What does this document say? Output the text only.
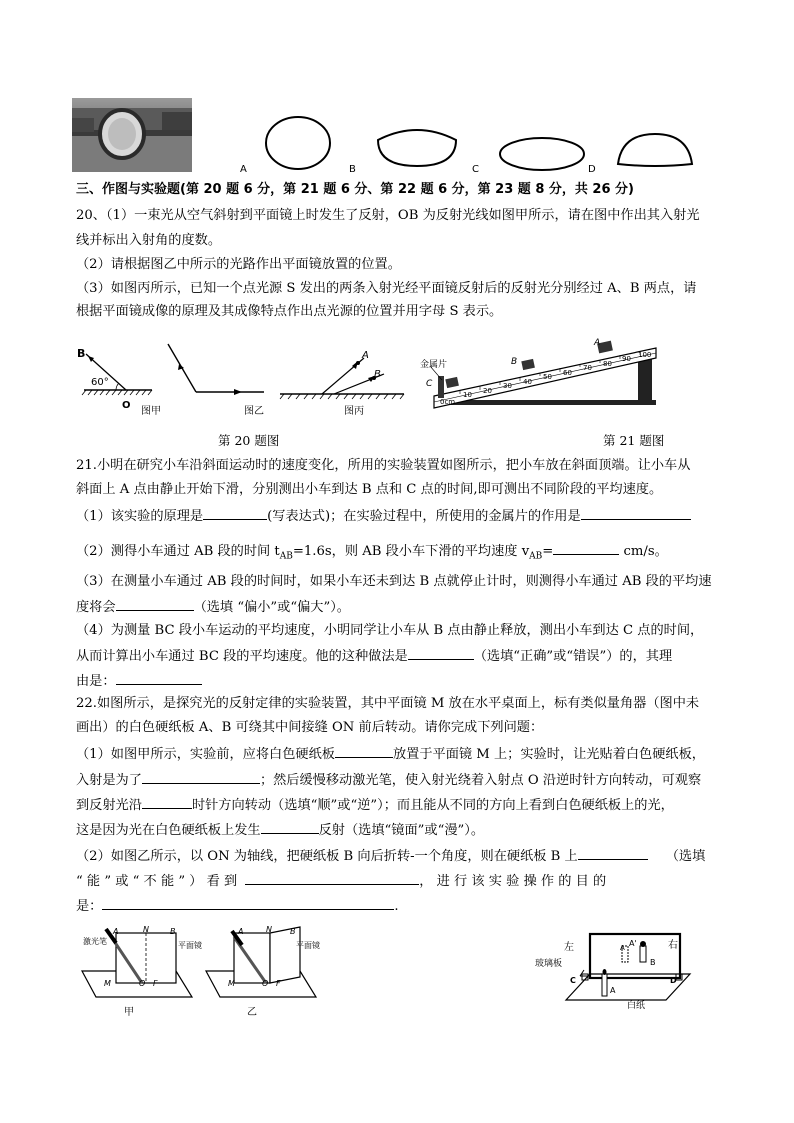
A	B	C	D
三、作图与实验题(第 20 题 6 分，第 21 题 6 分、第 22 题 6 分，第 23 题 8 分，共 26 分)
20、（1）一束光从空气斜射到平面镜上时发生了反射，OB 为反射光线如图甲所示，请在图中作出其入射光
线并标出入射角的度数。
（2）请根据图乙中所示的光路作出平面镜放置的位置。
（3）如图丙所示，已知一个点光源 S 发出的两条入射光经平面镜反射后的反射光分别经过 A、B 两点，请
根据平面镜成像的原理及其成像特点作出点光源的位置并用字母 S 表示。
B
60°
O
图甲	图乙
A
B
图丙
金属片
C
B
A
0cm
10 20
30 40
50 60
70 80
90 100
第 20 题图	第 21 题图
21.小明在研究小车沿斜面运动时的速度变化，所用的实验装置如图所示，把小车放在斜面顶端。让小车从
斜面上 A 点由静止开始下滑，分别测出小车到达 B 点和 C 点的时间,即可测出不同阶段的平均速度。
（1）该实验的原理是	(写表达式)；在实验过程中，所使用的金属片的作用是
（2）测得小车通过 AB 段的时间 $t_{AB}=1.6s$，则 AB 段小车下滑的平均速度 $v_{AB}=$	cm/s。
（3）在测量小车通过 AB 段的时间时，如果小车还未到达 B 点就停止计时，则测得小车通过 AB 段的平均速
度将会	（选填 “偏小”或“偏大”）。
（4）为测量 BC 段小车运动的平均速度，小明同学让小车从 B 点由静止释放，测出小车到达 C 点的时间，
从而计算出小车通过 BC 段的平均速度。他的这种做法是	（选填“正确”或“错误”）的，其理
由是：
22.如图所示，是探究光的反射定律的实验装置，其中平面镜 M 放在水平桌面上，标有类似量角器（图中未
画出）的白色硬纸板 A、B 可绕其中间接缝 ON 前后转动。请你完成下列问题：
（1）如图甲所示，实验前，应将白色硬纸板	放置于平面镜 M 上；实验时，让光贴着白色硬纸板，
入射是为了	；然后缓慢移动激光笔，使入射光绕着入射点 O 沿逆时针方向转动，可观察
到反射光沿	时针方向转动（选填“顺”或“逆”）；而且能从不同的方向上看到白色硬纸板上的光，
这是因为光在白色硬纸板上发生	反射（选填“镜面”或“漫”）。
（2）如图乙所示，以 ON 为轴线，把硬纸板 B 向后折转-一个角度，则在硬纸板 B 上	（选填
“ 能 ” 或 “ 不 能 ” ） 看 到	， 进 行 该 实 验 操 作 的 目 的
是：	.
激光笔
A	N	B
平面镜
M	O F
甲
A	N B
平面镜
M	O F
乙
左	右
玻璃板
A'
A
B
C	D
A
白纸
